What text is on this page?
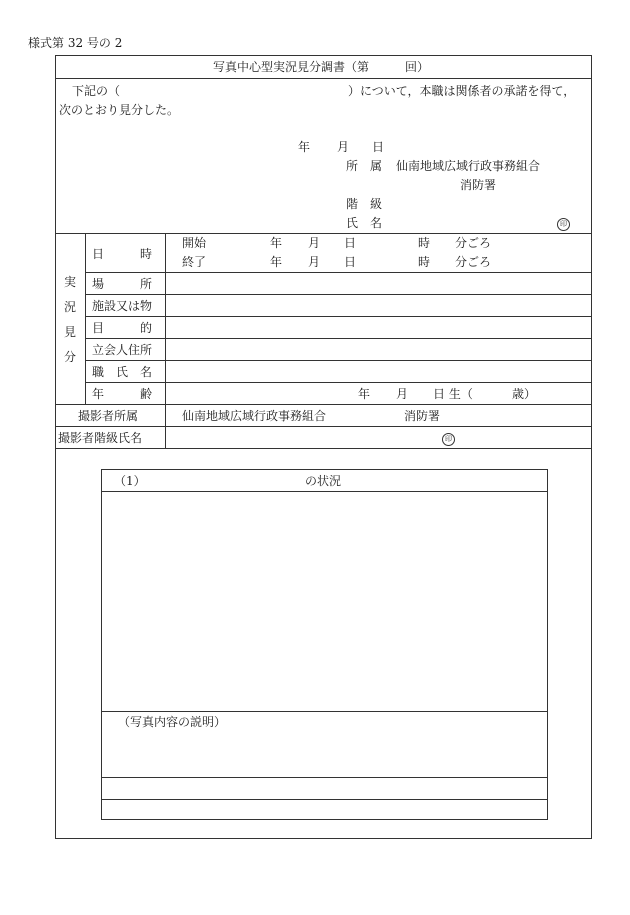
様式第 32 号の 2
写真中心型実況見分調書（第　　　回）
下記の（	）について，本職は関係者の承諾を得て，
次のとおり見分した。
年 月 日
所　属 仙南地域広域行政事務組合
消防署
階　級
氏　名	印
実
況
見
分
日　　　時
開始	年 月 日	時 分ごろ
終了	年 月 日	時 分ごろ
場　　　所
施設又は物
目　　　的
立会人住所
職　氏　名
年　　　齢	年 月 日 生（	歳）
撮影者所属	仙南地域広域行政事務組合	消防署
撮影者階級氏名	印
（1）	の状況
（写真内容の説明）
